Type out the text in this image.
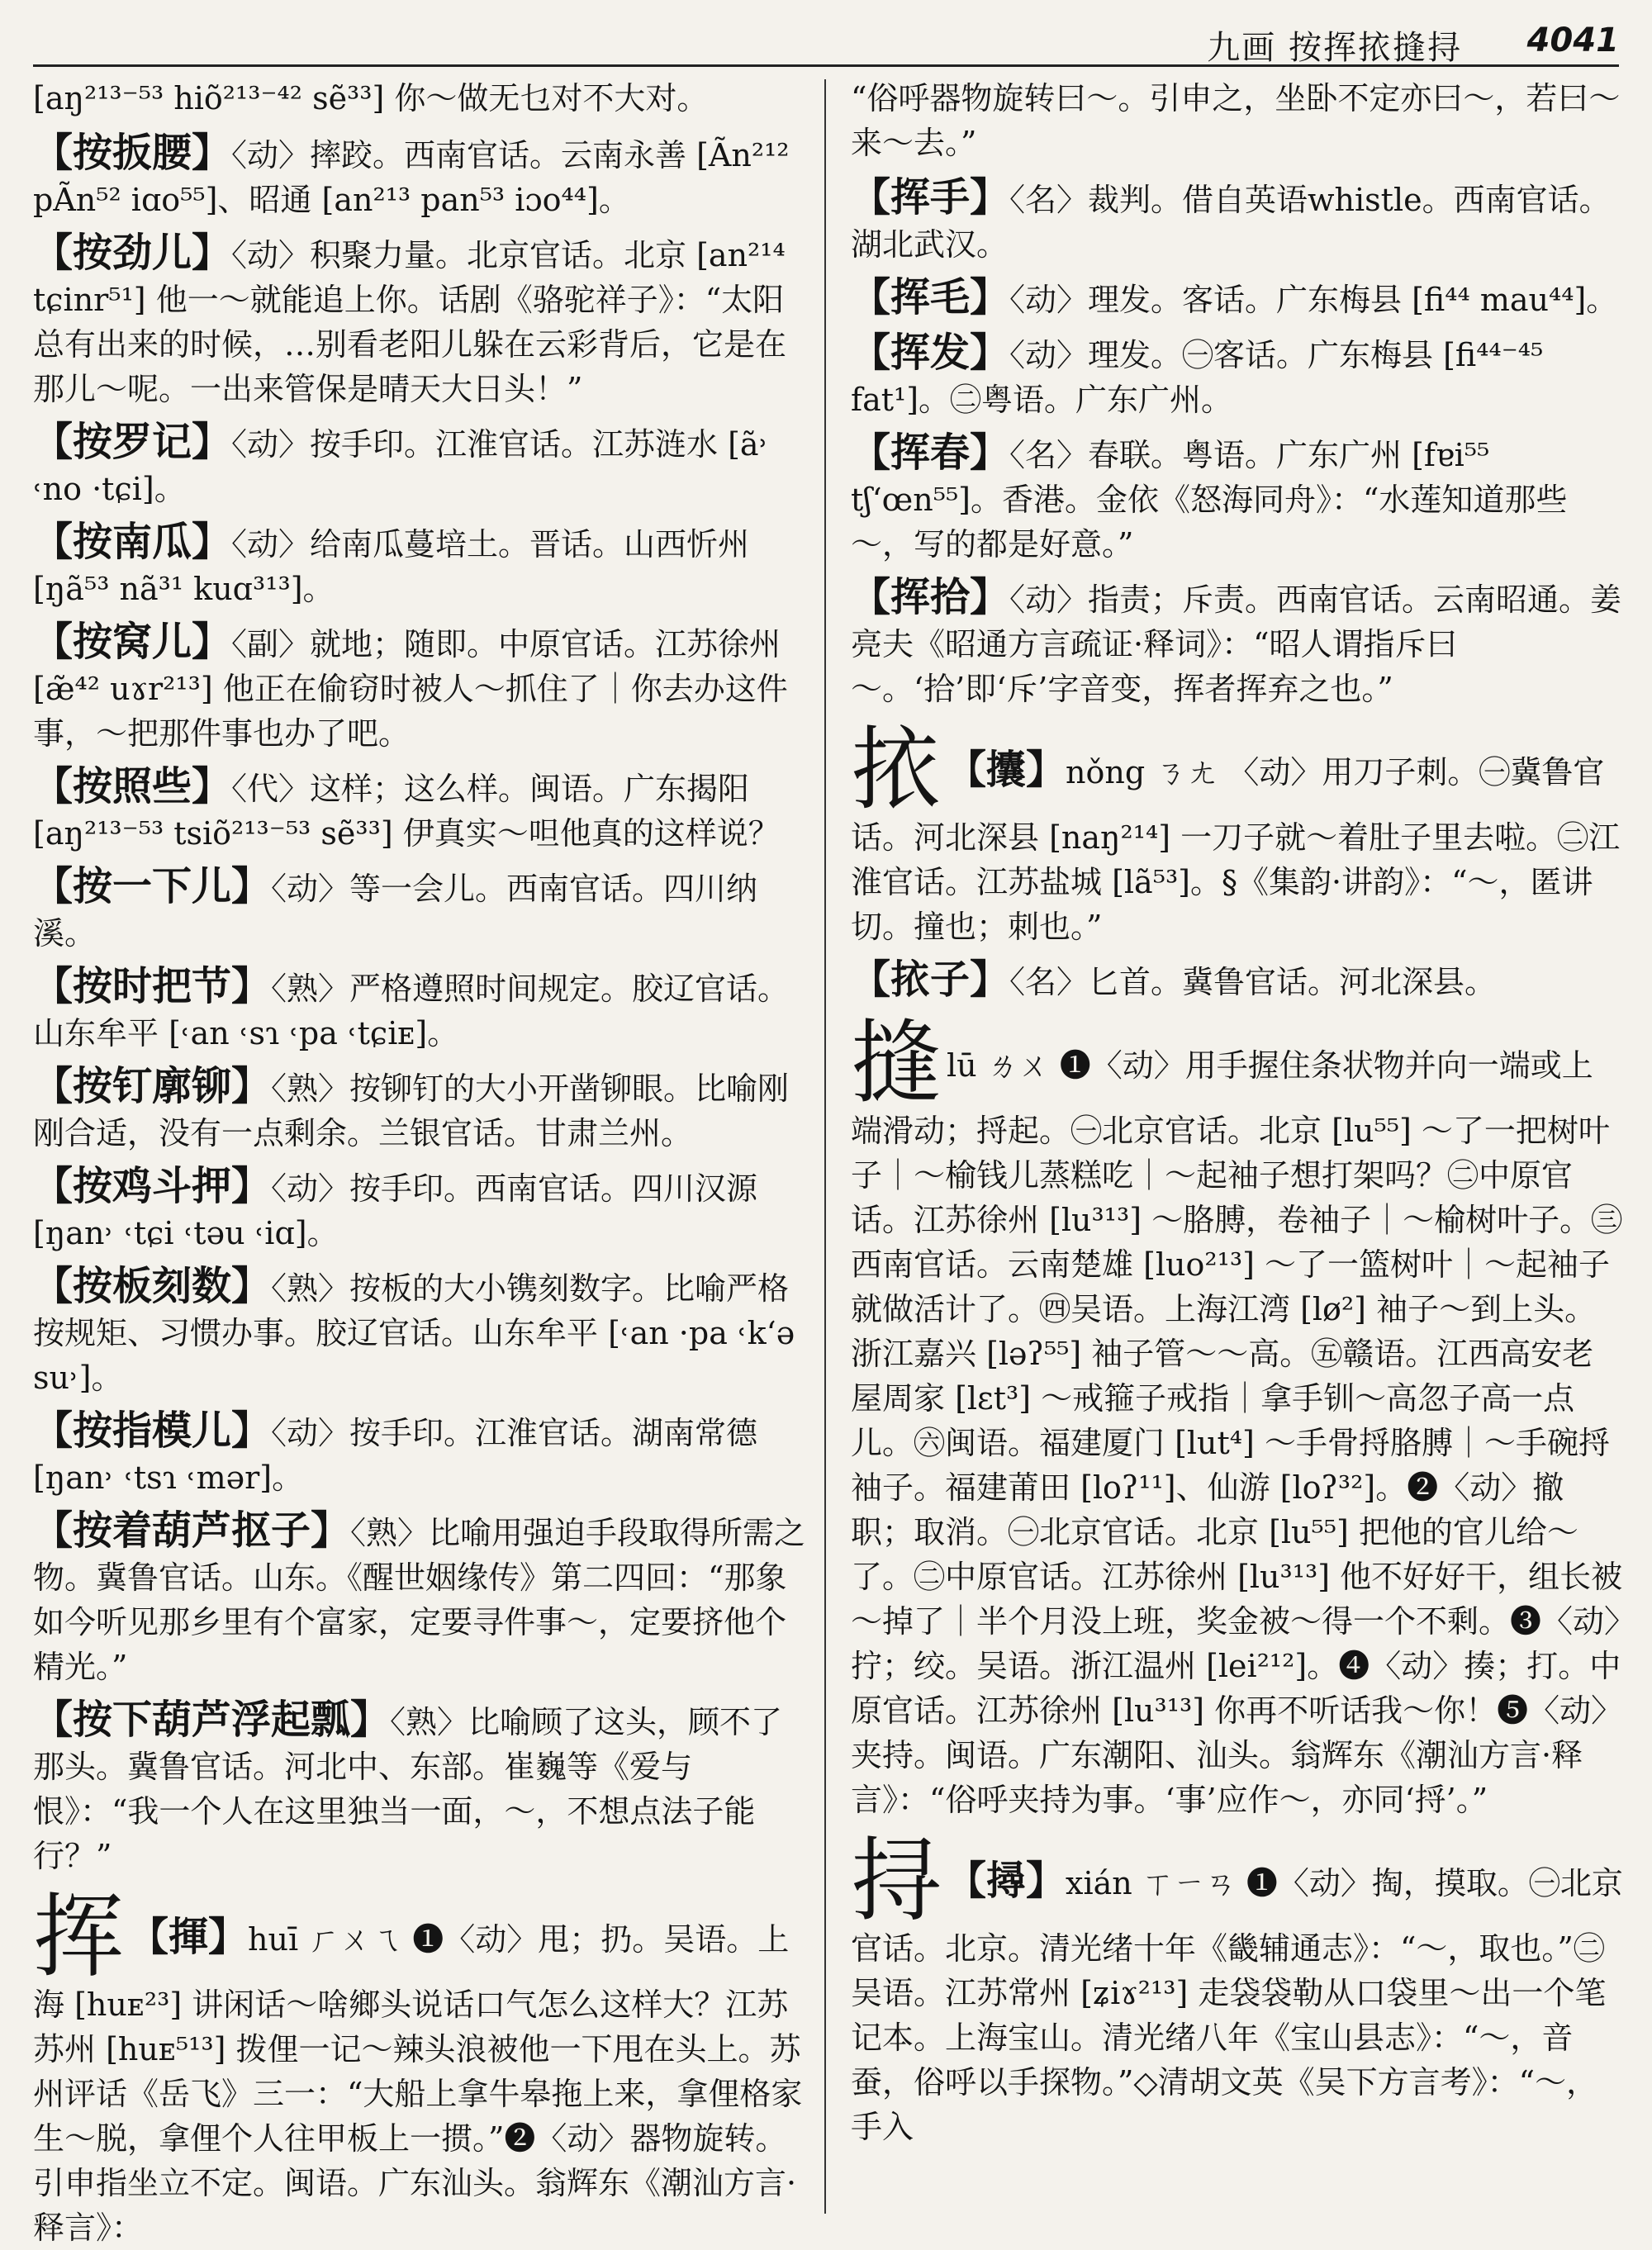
九画 按挥挔摓挦 4041

[aŋ²¹³⁻⁵³ hiõ²¹³⁻⁴² sẽ³³] 你～做无乜对不大对。

【按扳腰】〈动〉摔跤。西南官话。云南永善 [Ãn²¹² pÃn⁵² iɑo⁵⁵]、昭通 [an²¹³ pan⁵³ iɔo⁴⁴]。

【按劲儿】〈动〉积聚力量。北京官话。北京 [an²¹⁴ tɕinr⁵¹] 他一～就能追上你。话剧《骆驼祥子》：“太阳总有出来的时候，…别看老阳儿躲在云彩背后，它是在那儿～呢。一出来管保是晴天大日头！”

【按罗记】〈动〉按手印。江淮官话。江苏涟水 [ã˒ ˓no ·tɕi]。

【按南瓜】〈动〉给南瓜蔓培土。晋话。山西忻州 [ŋã⁵³ nã³¹ kuɑ³¹³]。

【按窝儿】〈副〉就地；随即。中原官话。江苏徐州 [æ̃⁴² uɤr²¹³] 他正在偷窃时被人～抓住了｜你去办这件事，～把那件事也办了吧。

【按照些】〈代〉这样；这么样。闽语。广东揭阳 [aŋ²¹³⁻⁵³ tsiõ²¹³⁻⁵³ sẽ³³] 伊真实～呾他真的这样说？

【按一下儿】〈动〉等一会儿。西南官话。四川纳溪。

【按时把节】〈熟〉严格遵照时间规定。胶辽官话。山东牟平 [˓an ˓sɿ ˓pa ˓tɕiᴇ]。

【按钉廓铆】〈熟〉按铆钉的大小开凿铆眼。比喻刚刚合适，没有一点剩余。兰银官话。甘肃兰州。

【按鸡斗押】〈动〉按手印。西南官话。四川汉源 [ŋan˒ ˓tɕi ˓təu ˓iɑ]。

【按板刻数】〈熟〉按板的大小镌刻数字。比喻严格按规矩、习惯办事。胶辽官话。山东牟平 [˓an ·pa ˓k‘ə su˒]。

【按指模儿】〈动〉按手印。江淮官话。湖南常德 [ŋan˒ ˓tsɿ ˓mər]。

【按着葫芦抠子】〈熟〉比喻用强迫手段取得所需之物。冀鲁官话。山东。《醒世姻缘传》第二四回：“那象如今听见那乡里有个富家，定要寻件事～，定要挤他个精光。”

【按下葫芦浮起瓢】〈熟〉比喻顾了这头，顾不了那头。冀鲁官话。河北中、东部。崔巍等《爱与恨》：“我一个人在这里独当一面，～，不想点法子能行？”

挥 【揮】huī ㄏㄨㄟ ❶〈动〉甩；扔。吴语。上海 [huᴇ²³] 讲闲话～啥鄉头说话口气怎么这样大？江苏苏州 [huᴇ⁵¹³] 拨俚一记～辣头浪被他一下甩在头上。苏州评话《岳飞》三一：“大船上拿牛皋拖上来，拿俚格家生～脱，拿俚个人往甲板上一掼。”❷〈动〉器物旋转。引申指坐立不定。闽语。广东汕头。翁辉东《潮汕方言·释言》：

“俗呼器物旋转曰～。引申之，坐卧不定亦曰～，若曰～来～去。”

【挥手】〈名〉裁判。借自英语whistle。西南官话。湖北武汉。

【挥毛】〈动〉理发。客话。广东梅县 [fi⁴⁴ mau⁴⁴]。

【挥发】〈动〉理发。㊀客话。广东梅县 [fi⁴⁴⁻⁴⁵ fat¹]。㊁粤语。广东广州。

【挥春】〈名〉春联。粤语。广东广州 [fɐi⁵⁵ tʃ‘œn⁵⁵]。香港。金依《怒海同舟》：“水莲知道那些～，写的都是好意。”

【挥拾】〈动〉指责；斥责。西南官话。云南昭通。姜亮夫《昭通方言疏证·释词》：“昭人谓指斥曰～。‘拾’即‘斥’字音变，挥者挥弃之也。”

挔 【攮】nǒng ㄋㄤ 〈动〉用刀子刺。㊀冀鲁官话。河北深县 [naŋ²¹⁴] 一刀子就～着肚子里去啦。㊁江淮官话。江苏盐城 [lã⁵³]。§《集韵·讲韵》：“～，匿讲切。撞也；刺也。”

【挔子】〈名〉匕首。冀鲁官话。河北深县。

摓lū ㄌㄨ ❶〈动〉用手握住条状物并向一端或上端滑动；捋起。㊀北京官话。北京 [lu⁵⁵] ～了一把树叶子｜～榆钱儿蒸糕吃｜～起袖子想打架吗？㊁中原官话。江苏徐州 [lu³¹³] ～胳膊，卷袖子｜～榆树叶子。㊂西南官话。云南楚雄 [luo²¹³] ～了一篮树叶｜～起袖子就做活计了。㊃吴语。上海江湾 [lø²] 袖子～到上头。浙江嘉兴 [ləʔ⁵⁵] 袖子管～～高。㊄赣语。江西高安老屋周家 [lɛt³] ～戒箍子戒指｜拿手钏～高忽子高一点儿。㊅闽语。福建厦门 [lut⁴] ～手骨捋胳膊｜～手碗捋袖子。福建莆田 [loʔ¹¹]、仙游 [loʔ³²]。❷〈动〉撤职；取消。㊀北京官话。北京 [lu⁵⁵] 把他的官儿给～了。㊁中原官话。江苏徐州 [lu³¹³] 他不好好干，组长被～掉了｜半个月没上班，奖金被～得一个不剩。❸〈动〉拧；绞。吴语。浙江温州 [lei²¹²]。❹〈动〉揍；打。中原官话。江苏徐州 [lu³¹³] 你再不听话我～你！❺〈动〉夹持。闽语。广东潮阳、汕头。翁辉东《潮汕方言·释言》：“俗呼夹持为事。‘事’应作～，亦同‘捋’。”

挦 【撏】xián ㄒㄧㄢ ❶〈动〉掏，摸取。㊀北京官话。北京。清光绪十年《畿辅通志》：“～，取也。”㊁吴语。江苏常州 [ʑiɤ²¹³] 走袋袋勒从口袋里～出一个笔记本。上海宝山。清光绪八年《宝山县志》：“～，音蚕，俗呼以手探物。”◇清胡文英《吴下方言考》：“～，手入
